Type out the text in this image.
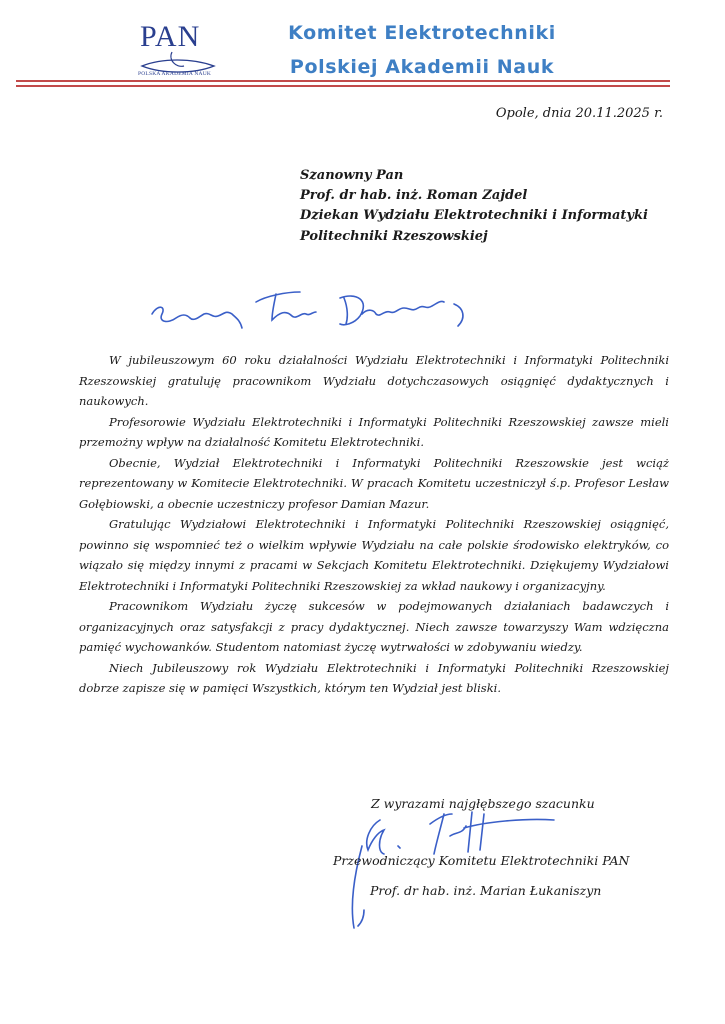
PAN
POLSKA AKADEMIA NAUK
Komitet Elektrotechniki
Polskiej Akademii Nauk
Opole, dnia 20.11.2025 r.
Szanowny Pan
Prof. dr hab. inż. Roman Zajdel
Dziekan Wydziału Elektrotechniki i Informatyki
Politechniki Rzeszowskiej

W jubileuszowym 60 roku działalności Wydziału Elektrotechniki i Informatyki Politechniki Rzeszowskiej gratuluję pracownikom Wydziału dotychczasowych osiągnięć dydaktycznych i naukowych.

Profesorowie Wydziału Elektrotechniki i Informatyki Politechniki Rzeszowskiej zawsze mieli przemożny wpływ na działalność Komitetu Elektrotechniki.

Obecnie, Wydział Elektrotechniki i Informatyki Politechniki Rzeszowskie jest wciąż reprezentowany w Komitecie Elektrotechniki. W pracach Komitetu uczestniczył ś.p. Profesor Lesław Gołębiowski, a obecnie uczestniczy profesor Damian Mazur.

Gratulując Wydziałowi Elektrotechniki i Informatyki Politechniki Rzeszowskiej osiągnięć, powinno się wspomnieć też o wielkim wpływie Wydziału na całe polskie środowisko elektryków, co wiązało się między innymi z pracami w Sekcjach Komitetu Elektrotechniki. Dziękujemy Wydziałowi Elektrotechniki i Informatyki Politechniki Rzeszowskiej za wkład naukowy i organizacyjny.

Pracownikom Wydziału życzę sukcesów w podejmowanych działaniach badawczych i organizacyjnych oraz satysfakcji z pracy dydaktycznej. Niech zawsze towarzyszy Wam wdzięczna pamięć wychowanków. Studentom natomiast życzę wytrwałości w zdobywaniu wiedzy.

Niech Jubileuszowy rok Wydziału Elektrotechniki i Informatyki Politechniki Rzeszowskiej dobrze zapisze się w pamięci Wszystkich, którym ten Wydział jest bliski.

Z wyrazami najgłębszego szacunku
Przewodniczący Komitetu Elektrotechniki PAN
Prof. dr hab. inż. Marian Łukaniszyn
